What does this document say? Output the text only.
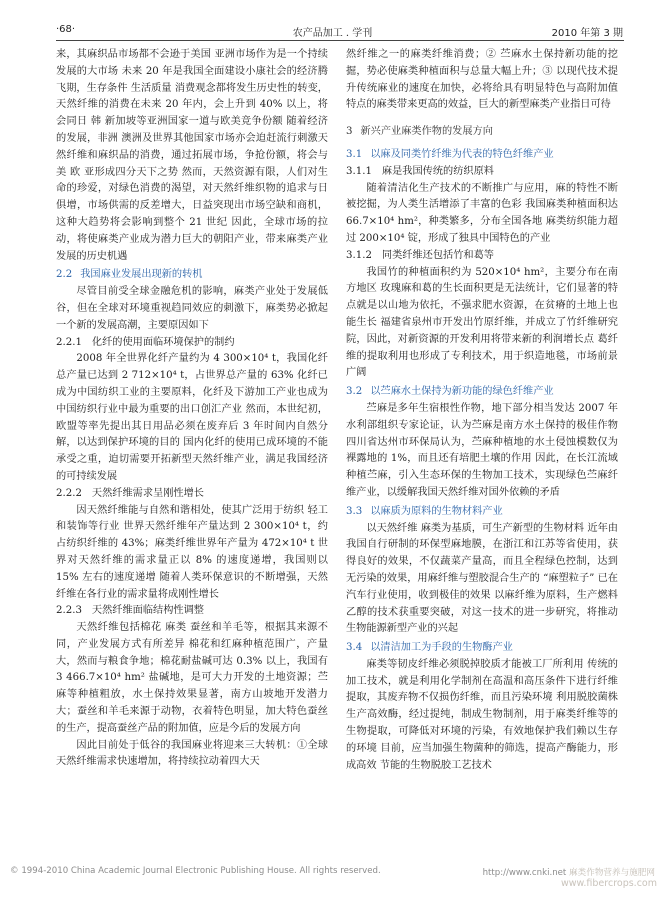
·68·	农产品加工 . 学刊	2010 年第 3 期

来，其麻织品市场都不会逊于美国 亚洲市场作为是一个持续发展的大市场 未来 20 年是我国全面建设小康社会的经济腾飞期，生存条件 生活质量 消费观念都将发生历史性的转变，天然纤维的消费在未来 20 年内，会上升到 40% 以上，将会同日 韩 新加坡等亚洲国家一道与欧美竞争份额 随着经济的发展，非洲 澳洲及世界其他国家市场亦会迫赶流行刺激天然纤维和麻织品的消费，通过拓展市场，争抢份额，将会与美 欧 亚形成四分天下之势 然而，天然资源有限，人们对生命的珍爱，对绿色消费的渴望，对天然纤维织物的追求与日俱增，市场供需的反差增大，日益突现出市场空缺和商机，这种大趋势将会影响到整个 21 世纪 因此，全球市场的拉动，将使麻类产业成为潜力巨大的朝阳产业，带来麻类产业发展的历史机遇

2.2 我国麻业发展出现新的转机

尽管目前受全球金融危机的影响，麻类产业处于发展低谷，但在全球对环境重视趋同效应的刺激下，麻类势必掀起一个新的发展高潮，主要原因如下

2.2.1 化纤的使用面临环境保护的制约

2008 年全世界化纤产量约为 4 300×10⁴ t，我国化纤总产量已达到 2 712×10⁴ t，占世界总产量的 63% 化纤已成为中国纺织工业的主要原料，化纤及下游加工产业也成为中国纺织行业中最为重要的出口创汇产业 然而，本世纪初，欧盟等率先提出其日用品必须在废弃后 3 年时间内自然分解，以达到保护环境的目的 国内化纤的使用已成环境的不能承受之重，迫切需要开拓新型天然纤维产业，满足我国经济的可持续发展

2.2.2 天然纤维需求呈刚性增长

因天然纤维能与自然和谐相处，使其广泛用于纺织 轻工和装饰等行业 世界天然纤维年产量达到 2 300×10⁴ t，约占纺织纤维的 43%；麻类纤维世界年产量为 472×10⁴ t 世界对天然纤维的需求量正以 8% 的速度递增，我国则以 15% 左右的速度递增 随着人类环保意识的不断增强，天然纤维在各行业的需求量将成刚性增长

2.2.3 天然纤维面临结构性调整

天然纤维包括棉花 麻类 蚕丝和羊毛等，根据其来源不同，产业发展方式有所差异 棉花和红麻种植范围广，产量大，然而与粮食争地；棉花耐盐碱可达 0.3% 以上，我国有 3 466.7×10⁴ hm² 盐碱地，是可大力开发的土地资源；苎麻等种植粗放，水土保持效果显著，南方山坡地开发潜力大；蚕丝和羊毛来源于动物，衣着特色明显，加大特色蚕丝的生产，提高蚕丝产品的附加值，应是今后的发展方向

因此目前处于低谷的我国麻业将迎来三大转机：①全球天然纤维需求快速增加，将持续拉动着四大天

然纤维之一的麻类纤维消费；② 苎麻水土保持新功能的挖掘，势必使麻类种植面积与总量大幅上升；③ 以现代技术提升传统麻业的速度在加快，必将给具有明显特色与高附加值特点的麻类带来更高的效益，巨大的新型麻类产业指日可待

3 新兴产业麻类作物的发展方向
3.1 以麻及同类竹纤维为代表的特色纤维产业
3.1.1 麻是我国传统的纺织原料

随着清洁化生产技术的不断推广与应用，麻的特性不断被挖掘，为人类生活增添了丰富的色彩 我国麻类种植面积达 66.7×10⁴ hm²，种类繁多，分布全国各地 麻类纺织能力超过 200×10⁴ 锭，形成了独具中国特色的产业

3.1.2 同类纤维还包括竹和葛等

我国竹的种植面积约为 520×10⁴ hm²，主要分布在南方地区 玫瑰麻和葛的生长面积更是无法统计，它们显著的特点就是以山地为依托，不强求肥水资源，在贫瘠的土地上也能生长 福建省泉州市开发出竹原纤维，并成立了竹纤维研究院，因此，对新资源的开发利用将带来新的利润增长点 葛纤维的提取利用也形成了专利技术，用于织造地毯，市场前景广阔

3.2 以苎麻水土保持为新功能的绿色纤维产业

苎麻是多年生宿根性作物，地下部分相当发达 2007 年水利部组织专家论证，认为苎麻是南方水土保持的极佳作物 四川省达州市环保局认为，苎麻种植地的水土侵蚀模数仅为裸露地的 1%，而且还有培肥土壤的作用 因此，在长江流域种植苎麻，引入生态环保的生物加工技术，实现绿色苎麻纤维产业，以缓解我国天然纤维对国外依赖的矛盾

3.3 以麻质为原料的生物材料产业

以天然纤维 麻类为基质，可生产新型的生物材料 近年由我国自行研制的环保型麻地膜，在浙江和江苏等省使用，获得良好的效果，不仅蔬菜产量高，而且全程绿色控制，达到无污染的效果，用麻纤维与塑胶混合生产的 “麻塑粒子” 已在汽车行业使用，收到极佳的效果 以麻纤维为原料，生产燃料乙醇的技术获重要突破，对这一技术的进一步研究，将推动生物能源新型产业的兴起

3.4 以清洁加工为手段的生物酶产业

麻类等韧皮纤维必须脱掉胶质才能被工厂所利用 传统的加工技术，就是利用化学制剂在高温和高压条件下进行纤维提取，其废弃物不仅损伤纤维，而且污染环境 利用脱胶菌株生产高效酶，经过提纯，制成生物制剂，用于麻类纤维等的生物提取，可降低对环境的污染，有效地保护我们赖以生存的环境 目前，应当加强生物菌种的筛选，提高产酶能力，形成高效 节能的生物脱胶工艺技术

© 1994-2010 China Academic Journal Electronic Publishing House. All rights reserved.	http://www.cnki.net 麻类作物营养与施肥网
www.fibercrops.com
